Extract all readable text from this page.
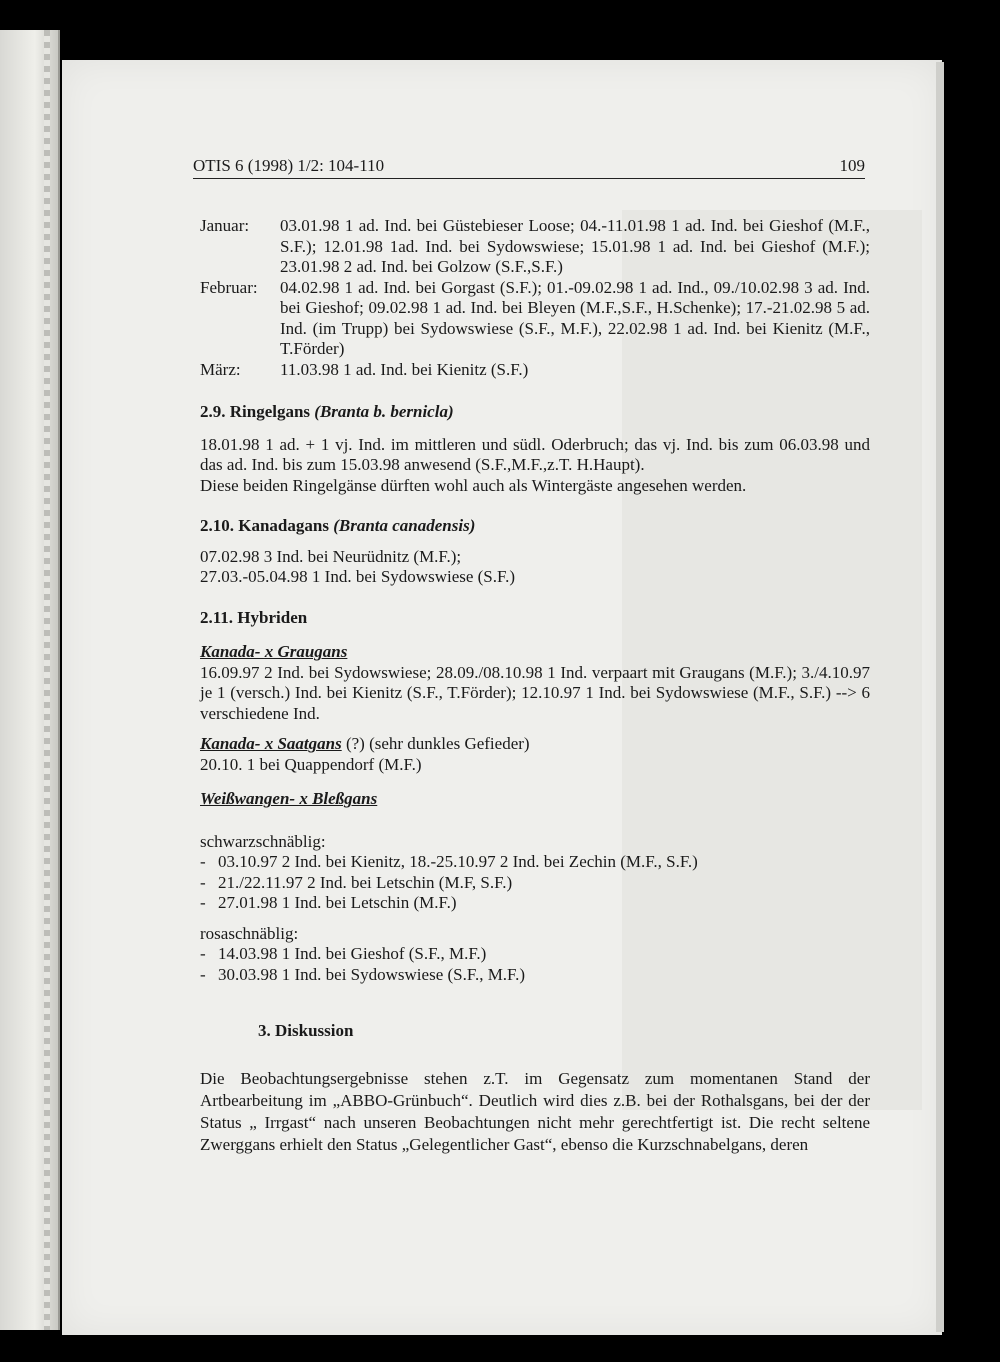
OTIS 6 (1998) 1/2: 104-110	109
Januar:	03.01.98 1 ad. Ind. bei Güstebieser Loose; 04.-11.01.98 1 ad. Ind. bei Gieshof (M.F., S.F.); 12.01.98 1ad. Ind. bei Sydowswiese; 15.01.98 1 ad. Ind. bei Gieshof (M.F.); 23.01.98 2 ad. Ind. bei Golzow (S.F.,S.F.)
Februar:	04.02.98 1 ad. Ind. bei Gorgast (S.F.); 01.-09.02.98 1 ad. Ind., 09./10.02.98 3 ad. Ind. bei Gieshof; 09.02.98 1 ad. Ind. bei Bleyen (M.F.,S.F., H.Schenke); 17.-21.02.98 5 ad. Ind. (im Trupp) bei Sydowswiese (S.F., M.F.), 22.02.98 1 ad. Ind. bei Kienitz (M.F., T.Förder)
März:	11.03.98 1 ad. Ind. bei Kienitz (S.F.)
2.9. Ringelgans (Branta b. bernicla)

18.01.98 1 ad. + 1 vj. Ind. im mittleren und südl. Oderbruch; das vj. Ind. bis zum 06.03.98 und das ad. Ind. bis zum 15.03.98 anwesend (S.F.,M.F.,z.T. H.Haupt).

Diese beiden Ringelgänse dürften wohl auch als Wintergäste angesehen werden.

2.10. Kanadagans (Branta canadensis)

07.02.98 3 Ind. bei Neurüdnitz (M.F.);

27.03.-05.04.98 1 Ind. bei Sydowswiese (S.F.)

2.11. Hybriden
Kanada- x Graugans

16.09.97 2 Ind. bei Sydowswiese; 28.09./08.10.98 1 Ind. verpaart mit Graugans (M.F.); 3./4.10.97 je 1 (versch.) Ind. bei Kienitz (S.F., T.Förder); 12.10.97 1 Ind. bei Sydowswiese (M.F., S.F.) --> 6 verschiedene Ind.

Kanada- x Saatgans (?) (sehr dunkles Gefieder)

20.10. 1 bei Quappendorf (M.F.)

Weißwangen- x Bleßgans

schwarzschnäblig:

- 03.10.97 2 Ind. bei Kienitz, 18.-25.10.97 2 Ind. bei Zechin (M.F., S.F.)
- 21./22.11.97 2 Ind. bei Letschin (M.F, S.F.)
- 27.01.98 1 Ind. bei Letschin (M.F.)

rosaschnäblig:

- 14.03.98 1 Ind. bei Gieshof (S.F., M.F.)
- 30.03.98 1 Ind. bei Sydowswiese (S.F., M.F.)
3. Diskussion

Die Beobachtungsergebnisse stehen z.T. im Gegensatz zum momentanen Stand der Artbearbeitung im „ABBO-Grünbuch“. Deutlich wird dies z.B. bei der Rothalsgans, bei der der Status „ Irrgast“ nach unseren Beobachtungen nicht mehr gerechtfertigt ist. Die recht seltene Zwerggans erhielt den Status „Gelegentlicher Gast“, ebenso die Kurzschnabelgans, deren
